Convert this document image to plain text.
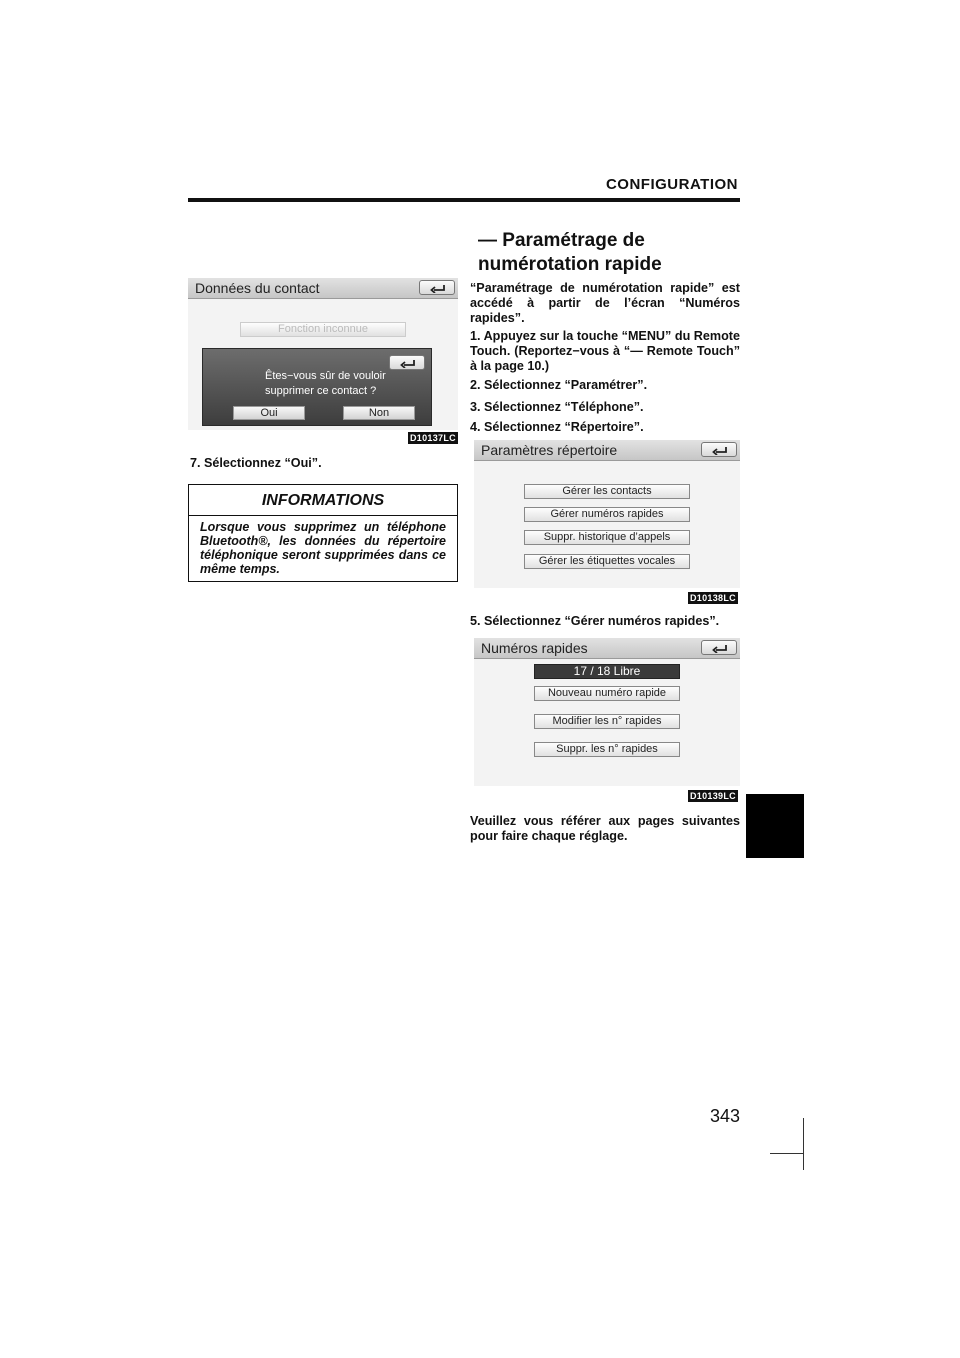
CONFIGURATION
Données du contact
Fonction inconnue
Êtes−vous sûr de vouloir
supprimer ce contact ?
Oui	Non
D10137LC
7. Sélectionnez “Oui”.
INFORMATIONS
Lorsque vous supprimez un téléphone Bluetooth®, les données du répertoire téléphonique seront supprimées dans ce même temps.
— Paramétrage de
numérotation rapide
“Paramétrage de numérotation rapide” est accédé à partir de l’écran “Numéros rapides”.
1. Appuyez sur la touche “MENU” du Remote Touch. (Reportez−vous à “— Remote Touch” à la page 10.)
2. Sélectionnez “Paramétrer”.
3. Sélectionnez “Téléphone”.
4. Sélectionnez “Répertoire”.
Paramètres répertoire
Gérer les contacts
Gérer numéros rapides
Suppr. historique d’appels
Gérer les étiquettes vocales
D10138LC
5. Sélectionnez “Gérer numéros rapides”.
Numéros rapides
17 / 18 Libre
Nouveau numéro rapide
Modifier les n° rapides
Suppr. les n° rapides
D10139LC
Veuillez vous référer aux pages suivantes pour faire chaque réglage.
343
